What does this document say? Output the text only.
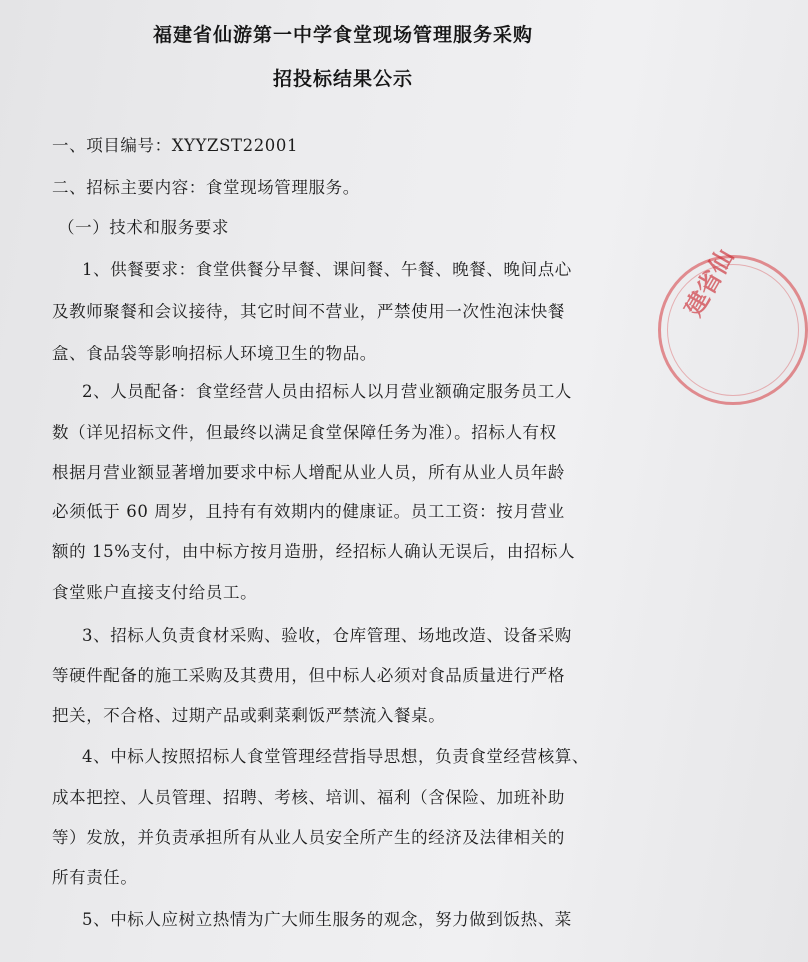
福建省仙游第一中学食堂现场管理服务采购
招投标结果公示
一、项目编号：XYYZST22001
二、招标主要内容：食堂现场管理服务。
（一）技术和服务要求
1、供餐要求：食堂供餐分早餐、课间餐、午餐、晚餐、晚间点心
及教师聚餐和会议接待，其它时间不营业，严禁使用一次性泡沫快餐
盒、食品袋等影响招标人环境卫生的物品。
2、人员配备：食堂经营人员由招标人以月营业额确定服务员工人
数（详见招标文件，但最终以满足食堂保障任务为准）。招标人有权
根据月营业额显著增加要求中标人增配从业人员，所有从业人员年龄
必须低于 60 周岁，且持有有效期内的健康证。员工工资：按月营业
额的 15%支付，由中标方按月造册，经招标人确认无误后，由招标人
食堂账户直接支付给员工。
3、招标人负责食材采购、验收，仓库管理、场地改造、设备采购
等硬件配备的施工采购及其费用，但中标人必须对食品质量进行严格
把关，不合格、过期产品或剩菜剩饭严禁流入餐桌。
4、中标人按照招标人食堂管理经营指导思想，负责食堂经营核算、
成本把控、人员管理、招聘、考核、培训、福利（含保险、加班补助
等）发放，并负责承担所有从业人员安全所产生的经济及法律相关的
所有责任。
5、中标人应树立热情为广大师生服务的观念，努力做到饭热、菜
建省仙
